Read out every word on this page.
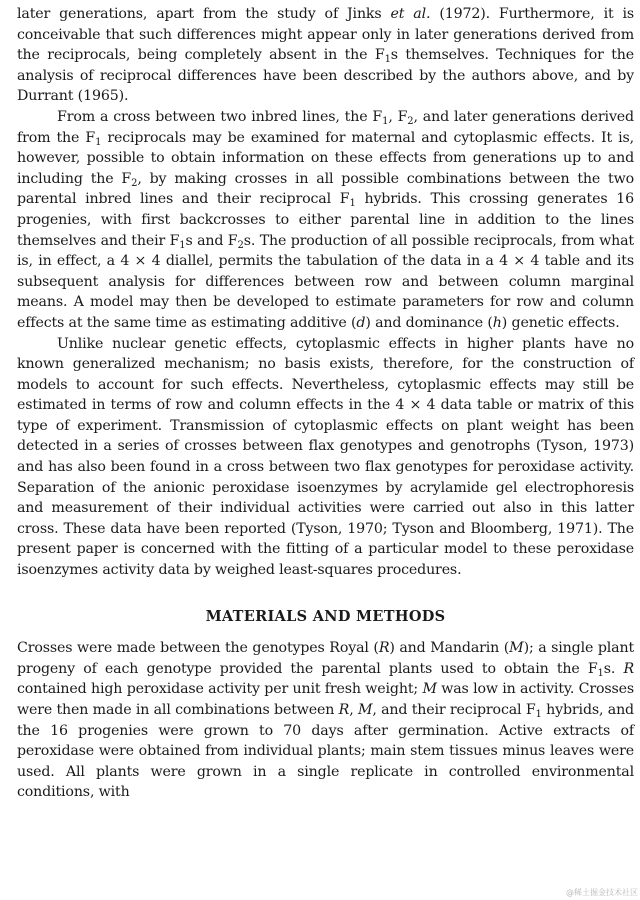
later generations, apart from the study of Jinks et al. (1972). Furthermore, it is conceivable that such differences might appear only in later generations derived from the reciprocals, being completely absent in the $F_1s$ themselves. Techniques for the analysis of reciprocal differences have been described by the authors above, and by Durrant (1965).

From a cross between two inbred lines, the $F_1$, $F_2$, and later generations derived from the $F_1$ reciprocals may be examined for maternal and cytoplasmic effects. It is, however, possible to obtain information on these effects from generations up to and including the $F_2$, by making crosses in all possible combinations between the two parental inbred lines and their reciprocal $F_1$ hybrids. This crossing generates 16 progenies, with first backcrosses to either parental line in addition to the lines themselves and their $F_1s$ and $F_2s$. The production of all possible reciprocals, from what is, in effect, a 4 × 4 diallel, permits the tabulation of the data in a 4 × 4 table and its subsequent analysis for differences between row and between column marginal means. A model may then be developed to estimate parameters for row and column effects at the same time as estimating additive (d) and dominance (h) genetic effects.

Unlike nuclear genetic effects, cytoplasmic effects in higher plants have no known generalized mechanism; no basis exists, therefore, for the construction of models to account for such effects. Nevertheless, cytoplasmic effects may still be estimated in terms of row and column effects in the 4 × 4 data table or matrix of this type of experiment. Transmission of cytoplasmic effects on plant weight has been detected in a series of crosses between flax genotypes and genotrophs (Tyson, 1973) and has also been found in a cross between two flax genotypes for peroxidase activity. Separation of the anionic peroxidase isoenzymes by acrylamide gel electrophoresis and measurement of their individual activities were carried out also in this latter cross. These data have been reported (Tyson, 1970; Tyson and Bloomberg, 1971). The present paper is concerned with the fitting of a particular model to these peroxidase isoenzymes activity data by weighed least-squares procedures.

MATERIALS AND METHODS

Crosses were made between the genotypes Royal (R) and Mandarin (M); a single plant progeny of each genotype provided the parental plants used to obtain the $F_1s$. R contained high peroxidase activity per unit fresh weight; M was low in activity. Crosses were then made in all combinations between R, M, and their reciprocal $F_1$ hybrids, and the 16 progenies were grown to 70 days after germination. Active extracts of peroxidase were obtained from individual plants; main stem tissues minus leaves were used. All plants were grown in a single replicate in controlled environmental conditions, with

@稀土掘金技术社区
